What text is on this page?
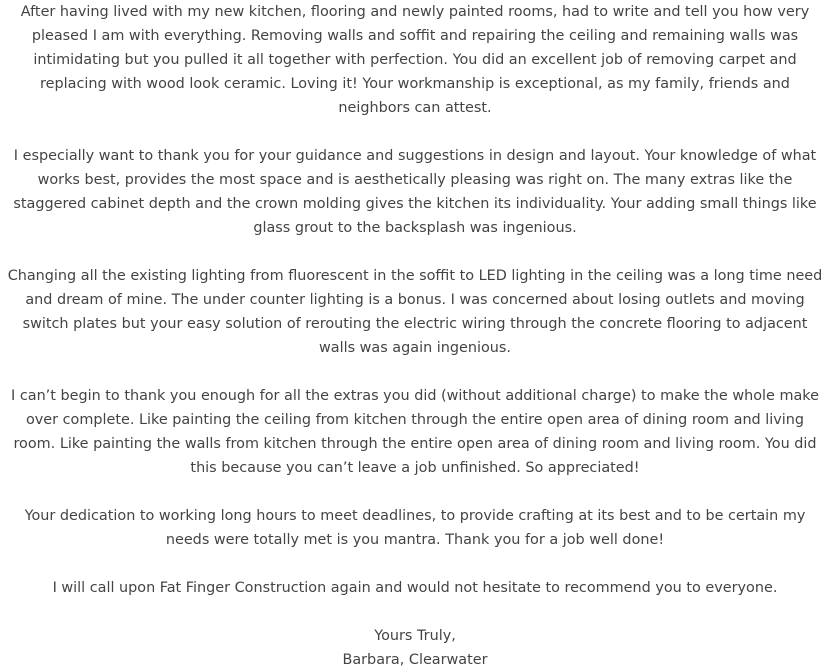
After having lived with my new kitchen, flooring and newly painted rooms, had to write and tell you how very pleased I am with everything. Removing walls and soffit and repairing the ceiling and remaining walls was intimidating but you pulled it all together with perfection. You did an excellent job of removing carpet and replacing with wood look ceramic. Loving it! Your workmanship is exceptional, as my family, friends and neighbors can attest.

I especially want to thank you for your guidance and suggestions in design and layout. Your knowledge of what works best, provides the most space and is aesthetically pleasing was right on. The many extras like the staggered cabinet depth and the crown molding gives the kitchen its individuality. Your adding small things like glass grout to the backsplash was ingenious.

Changing all the existing lighting from fluorescent in the soffit to LED lighting in the ceiling was a long time need and dream of mine. The under counter lighting is a bonus. I was concerned about losing outlets and moving switch plates but your easy solution of rerouting the electric wiring through the concrete flooring to adjacent walls was again ingenious.

I can’t begin to thank you enough for all the extras you did (without additional charge) to make the whole make over complete. Like painting the ceiling from kitchen through the entire open area of dining room and living room. Like painting the walls from kitchen through the entire open area of dining room and living room. You did this because you can’t leave a job unfinished. So appreciated!

Your dedication to working long hours to meet deadlines, to provide crafting at its best and to be certain my needs were totally met is you mantra. Thank you for a job well done!

I will call upon Fat Finger Construction again and would not hesitate to recommend you to everyone.

Yours Truly,
Barbara, Clearwater
